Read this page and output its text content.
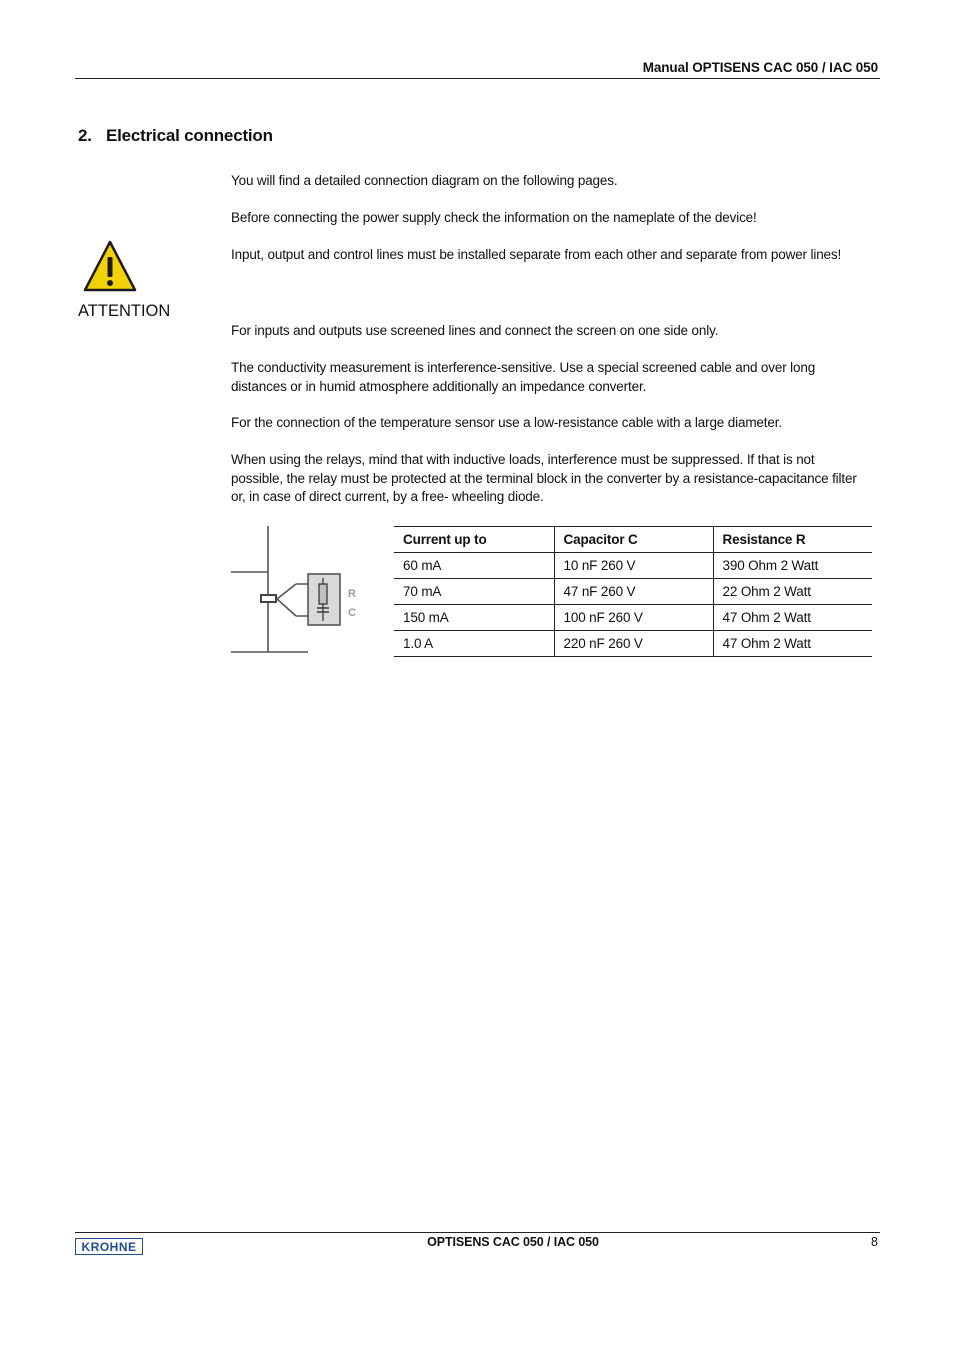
Manual OPTISENS CAC 050 / IAC 050
2. Electrical connection

You will find a detailed connection diagram on the following pages.

Before connecting the power supply check the information on the nameplate of the device!

Input, output and control lines must be installed separate from each other and separate from power lines!

ATTENTION

For inputs and outputs use screened lines and connect the screen on one side only.

The conductivity measurement is interference-sensitive. Use a special screened cable and over long distances or in humid atmosphere additionally an impedance converter.

For the connection of the temperature sensor use a low-resistance cable with a large diameter.

When using the relays, mind that with inductive loads, interference must be suppressed. If that is not possible, the relay must be protected at the terminal block in the converter by a resistance-capacitance filter or, in case of direct current, by a free- wheeling diode.

R
C
Current up to	Capacitor C	Resistance R
60 mA	10 nF 260 V	390 Ohm 2 Watt
70 mA	47 nF 260 V	22 Ohm 2 Watt
150 mA	100 nF 260 V	47 Ohm 2 Watt
1.0 A	220 nF 260 V	47 Ohm 2 Watt
KROHNE	OPTISENS CAC 050 / IAC 050	8
